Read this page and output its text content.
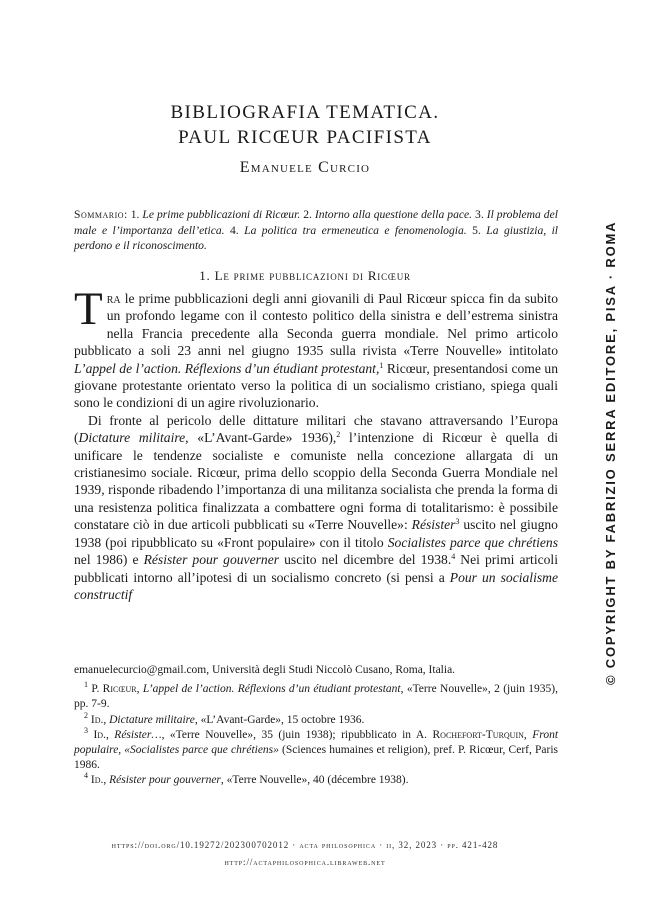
BIBLIOGRAFIA TEMATICA.
PAUL RICŒUR PACIFISTA
Emanuele Curcio
Sommario: 1. Le prime pubblicazioni di Ricœur. 2. Intorno alla questione della pace. 3. Il problema del male e l’importanza dell’etica. 4. La politica tra ermeneutica e fenomenologia. 5. La giustizia, il perdono e il riconoscimento.
1. Le prime pubblicazioni di Ricœur

Tra le prime pubblicazioni degli anni giovanili di Paul Ricœur spicca fin da subito un profondo legame con il contesto politico della sinistra e dell’estrema sinistra nella Francia precedente alla Seconda guerra mondiale. Nel primo articolo pubblicato a soli 23 anni nel giugno 1935 sulla rivista «Terre Nouvelle» intitolato L’appel de l’action. Réflexions d’un étudiant protestant,$^1$ Ricœur, presentandosi come un giovane protestante orientato verso la politica di un socialismo cristiano, spiega quali sono le condizioni di un agire rivoluzionario.

Di fronte al pericolo delle dittature militari che stavano attraversando l’Europa (Dictature militaire, «L’Avant-Garde» 1936),$^2$ l’intenzione di Ricœur è quella di unificare le tendenze socialiste e comuniste nella concezione allargata di un cristianesimo sociale. Ricœur, prima dello scoppio della Seconda Guerra Mondiale nel 1939, risponde ribadendo l’importanza di una militanza socialista che prenda la forma di una resistenza politica finalizzata a combattere ogni forma di totalitarismo: è possibile constatare ciò in due articoli pubblicati su «Terre Nouvelle»: Résister$^3$ uscito nel giugno 1938 (poi ripubblicato su «Front populaire» con il titolo Socialistes parce que chrétiens nel 1986) e Résister pour gouverner uscito nel dicembre del 1938.$^4$ Nei primi articoli pubblicati intorno all’ipotesi di un socialismo concreto (si pensi a Pour un socialisme constructif

emanuelecurcio@gmail.com, Università degli Studi Niccolò Cusano, Roma, Italia.

$^1$ P. Ricœur, L’appel de l’action. Réflexions d’un étudiant protestant, «Terre Nouvelle», 2 (juin 1935), pp. 7-9.

$^2$ Id., Dictature militaire, «L’Avant-Garde», 15 octobre 1936.

$^3$ Id., Résister…, «Terre Nouvelle», 35 (juin 1938); ripubblicato in A. Rochefort-Turquin, Front populaire, «Socialistes parce que chrétiens» (Sciences humaines et religion), pref. P. Ricœur, Cerf, Paris 1986.

$^4$ Id., Résister pour gouverner, «Terre Nouvelle», 40 (décembre 1938).

https://doi.org/10.19272/202300702012 · acta philosophica · ii, 32, 2023 · pp. 421-428
http://actaphilosophica.libraweb.net
© COPYRIGHT BY FABRIZIO SERRA EDITORE, PISA · ROMA
